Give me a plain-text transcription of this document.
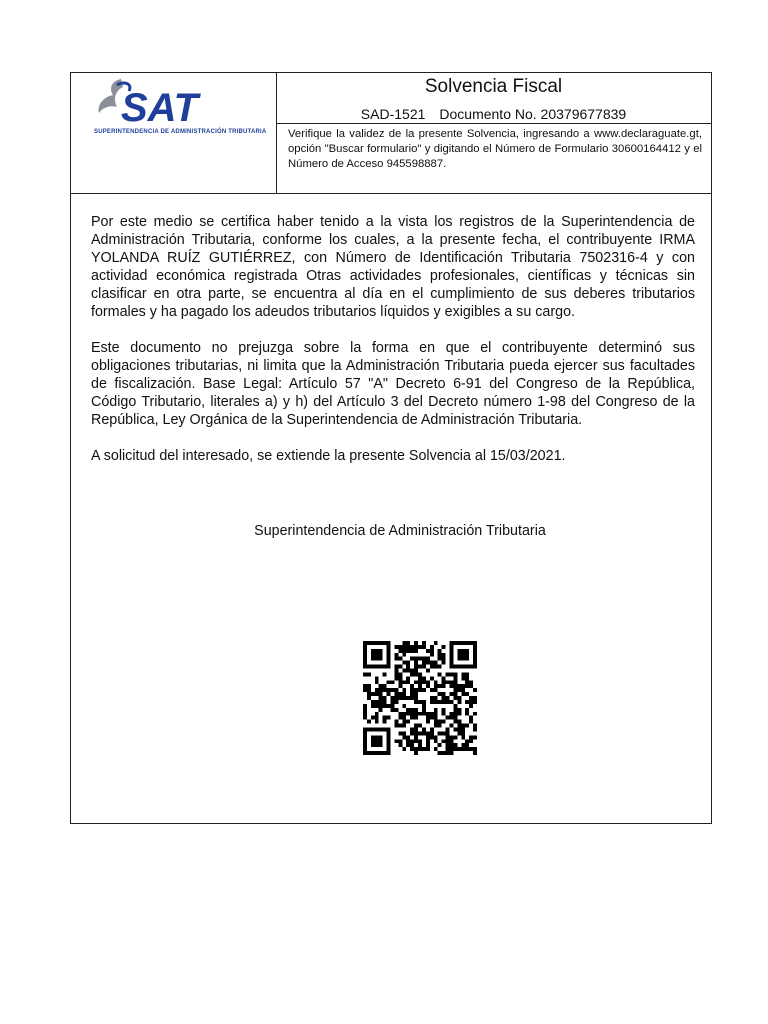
SAT
SUPERINTENDENCIA DE ADMINISTRACIÓN TRIBUTARIA
Solvencia Fiscal
SAD-1521 Documento No. 20379677839
Verifique la validez de la presente Solvencia, ingresando a www.declaraguate.gt, opción "Buscar formulario" y digitando el Número de Formulario 30600164412 y el Número de Acceso 945598887.

Por este medio se certifica haber tenido a la vista los registros de la Superintendencia de Administración Tributaria, conforme los cuales, a la presente fecha, el contribuyente IRMA YOLANDA RUÍZ GUTIÉRREZ, con Número de Identificación Tributaria 7502316-4 y con actividad económica registrada Otras actividades profesionales, científicas y técnicas sin clasificar en otra parte, se encuentra al día en el cumplimiento de sus deberes tributarios formales y ha pagado los adeudos tributarios líquidos y exigibles a su cargo.

Este documento no prejuzga sobre la forma en que el contribuyente determinó sus obligaciones tributarias, ni limita que la Administración Tributaria pueda ejercer sus facultades de fiscalización. Base Legal: Artículo 57 "A" Decreto 6-91 del Congreso de la República, Código Tributario, literales a) y h) del Artículo 3 del Decreto número 1-98 del Congreso de la República, Ley Orgánica de la Superintendencia de Administración Tributaria.

A solicitud del interesado, se extiende la presente Solvencia al 15/03/2021.

Superintendencia de Administración Tributaria
